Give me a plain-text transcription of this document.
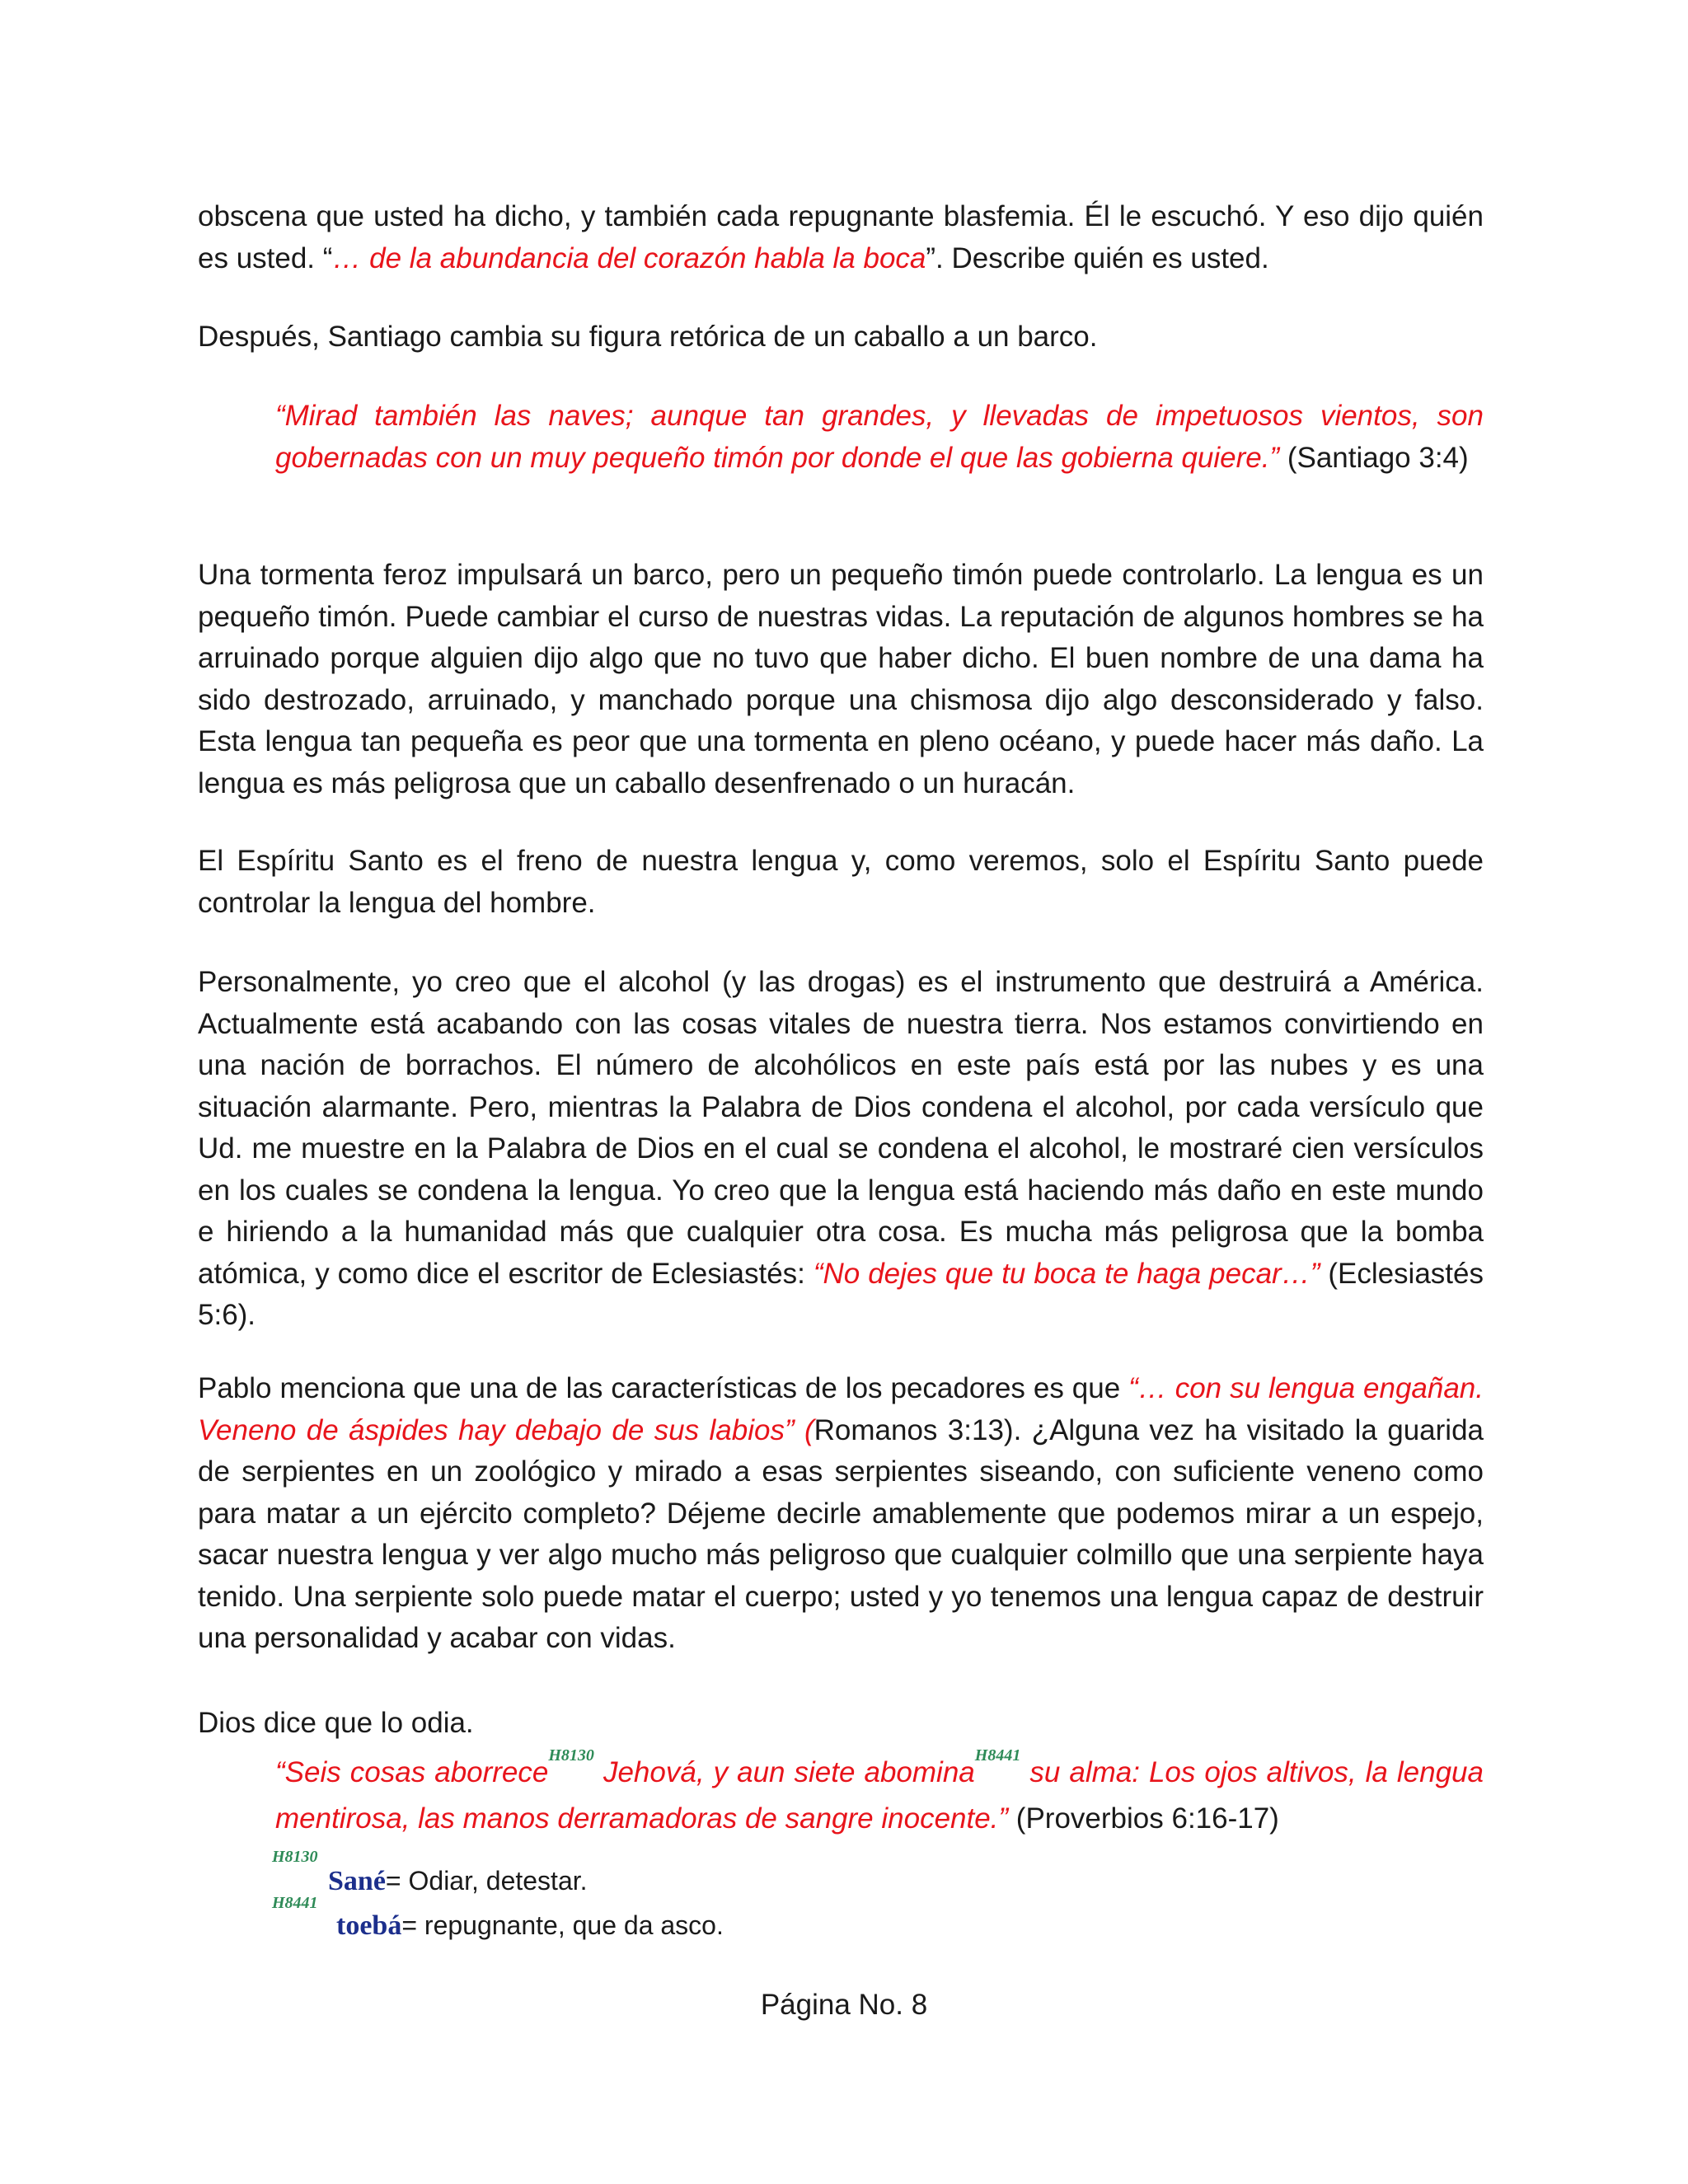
obscena que usted ha dicho, y también cada repugnante blasfemia. Él le escuchó. Y eso dijo quién es usted. “… de la abundancia del corazón habla la boca”. Describe quién es usted.
Después, Santiago cambia su figura retórica de un caballo a un barco.
“Mirad también las naves; aunque tan grandes, y llevadas de impetuosos vientos, son gobernadas con un muy pequeño timón por donde el que las gobierna quiere.” (Santiago 3:4)
Una tormenta feroz impulsará un barco, pero un pequeño timón puede controlarlo. La lengua es un pequeño timón. Puede cambiar el curso de nuestras vidas. La reputación de algunos hombres se ha arruinado porque alguien dijo algo que no tuvo que haber dicho. El buen nombre de una dama ha sido destrozado, arruinado, y manchado porque una chismosa dijo algo desconsiderado y falso. Esta lengua tan pequeña es peor que una tormenta en pleno océano, y puede hacer más daño. La lengua es más peligrosa que un caballo desenfrenado o un huracán.
El Espíritu Santo es el freno de nuestra lengua y, como veremos, solo el Espíritu Santo puede controlar la lengua del hombre.
Personalmente, yo creo que el alcohol (y las drogas) es el instrumento que destruirá a América. Actualmente está acabando con las cosas vitales de nuestra tierra. Nos estamos convirtiendo en una nación de borrachos. El número de alcohólicos en este país está por las nubes y es una situación alarmante. Pero, mientras la Palabra de Dios condena el alcohol, por cada versículo que Ud. me muestre en la Palabra de Dios en el cual se condena el alcohol, le mostraré cien versículos en los cuales se condena la lengua. Yo creo que la lengua está haciendo más daño en este mundo e hiriendo a la humanidad más que cualquier otra cosa. Es mucha más peligrosa que la bomba atómica, y como dice el escritor de Eclesiastés: “No dejes que tu boca te haga pecar…” (Eclesiastés 5:6).
Pablo menciona que una de las características de los pecadores es que “… con su lengua engañan. Veneno de áspides hay debajo de sus labios” (Romanos 3:13). ¿Alguna vez ha visitado la guarida de serpientes en un zoológico y mirado a esas serpientes siseando, con suficiente veneno como para matar a un ejército completo? Déjeme decirle amablemente que podemos mirar a un espejo, sacar nuestra lengua y ver algo mucho más peligroso que cualquier colmillo que una serpiente haya tenido. Una serpiente solo puede matar el cuerpo; usted y yo tenemos una lengua capaz de destruir una personalidad y acabar con vidas.
Dios dice que lo odia.
“Seis cosas aborrece$^{H8130}$ Jehová, y aun siete abomina$^{H8441}$ su alma: Los ojos altivos, la lengua mentirosa, las manos derramadoras de sangre inocente.” (Proverbios 6:16-17)
H8130
Sané= Odiar, detestar.
H8441
toebá= repugnante, que da asco.
Página No. 8
